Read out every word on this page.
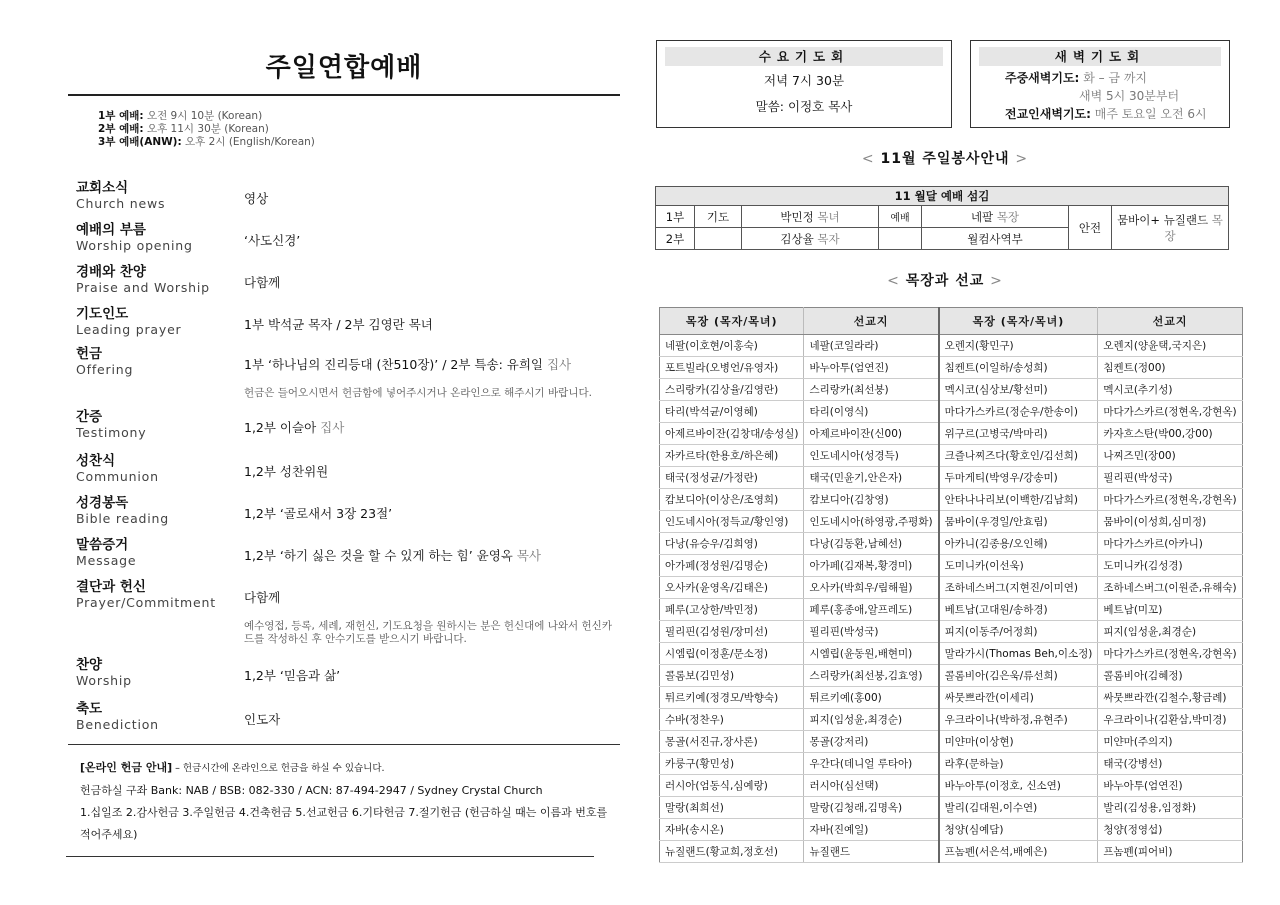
주일연합예배
1부 예배: 오전 9시 10분 (Korean)
2부 예배: 오후 11시 30분 (Korean)
3부 예배(ANW): 오후 2시 (English/Korean)
교회소식
Church news	영상
예배의 부름
Worship opening	‘사도신경’
경배와 찬양
Praise and Worship	다함께
기도인도
Leading prayer	1부 박석균 목자 / 2부 김영란 목녀
헌금
Offering	1부 ‘하나님의 진리등대 (찬510장)’ / 2부 특송: 유희일 집사
헌금은 들어오시면서 헌금함에 넣어주시거나 온라인으로 해주시기 바랍니다.
간증
Testimony	1,2부 이슬아 집사
성찬식
Communion	1,2부 성찬위원
성경봉독
Bible reading	1,2부 ‘골로새서 3장 23절’
말씀증거
Message	1,2부 ‘하기 싫은 것을 할 수 있게 하는 힘’ 윤영옥 목사
결단과 헌신
Prayer/Commitment	다함께
예수영접, 등록, 세례, 재헌신, 기도요청을 원하시는 분은 헌신대에 나와서 헌신카드를 작성하신 후 안수기도를 받으시기 바랍니다.
찬양
Worship	1,2부 ‘믿음과 삶’
축도
Benediction	인도자
[온라인 헌금 안내] – 헌금시간에 온라인으로 헌금을 하실 수 있습니다.
헌금하실 구좌 Bank: NAB / BSB: 082-330 / ACN: 87-494-2947 / Sydney Crystal Church
1.십일조 2.감사헌금 3.주일헌금 4.건축헌금 5.선교헌금 6.기타헌금 7.절기헌금 (헌금하실 때는 이름과 번호를 적어주세요)
수요기도회
저녁 7시 30분
말씀: 이정호 목사
새벽기도회
주중새벽기도: 화 – 금 까지
새벽 5시 30분부터
전교인새벽기도: 매주 토요일 오전 6시
< 11월 주일봉사안내 >
11 월달 예배 섬김						
1부	기도	박민정 목녀	예배	네팔 목장	안전	뭄바이+ 뉴질랜드 목장
2부		김상율 목자		월컴사역부		
< 목장과 선교 >
목장 (목자/목녀)	선교지	목장 (목자/목녀)	선교지
네팔(이호현/이홍숙)	네팔(코일라라)	오렌지(황민구)	오렌지(양윤택,국지은)
포트빌라(오병언/유영자)	바누아투(엄연진)	침켄트(이일하/송성희)	침켄트(정00)
스리랑카(김상율/김영란)	스리랑카(최선붕)	멕시코(심상보/황선미)	멕시코(추기성)
타리(박석균/이영혜)	타리(이영식)	마다가스카르(정순우/한송이)	마다가스카르(정현옥,강현옥)
아제르바이잔(김창대/송성실)	아제르바이잔(신00)	위구르(고병국/박마리)	카자흐스탄(박00,강00)
자카르타(한용호/하은혜)	인도네시아(성경득)	크즐나찌즈다(황호인/김선희)	나찌즈민(장00)
태국(정성균/가정란)	태국(민윤기,안은자)	두마게티(박영우/강송미)	필리핀(박성국)
캄보디아(이상은/조영희)	캄보디아(김창영)	안타나나리보(이백한/김남희)	마다가스카르(정현옥,강현옥)
인도네시아(정득교/황인영)	인도네시아(하영광,주평화)	뭄바이(우경일/안효림)	뭄바이(이성희,심미정)
다낭(유승우/김희영)	다낭(김동환,남혜선)	아카니(김종용/오인해)	마다가스카르(아카니)
아가페(정성원/김명순)	아가페(김재복,황경미)	도미니카(이선욱)	도미니카(김성경)
오사카(윤영옥/김태은)	오사카(박희우/림해월)	조하네스버그(지현진/이미연)	조하네스버그(이원준,유해숙)
페루(고상한/박민정)	페루(홍종애,알프레도)	베트남(고대원/송하경)	베트남(미꼬)
필리핀(김성원/장미선)	필리핀(박성국)	피지(이동주/어정희)	피지(임성윤,최경순)
시엠립(이정훈/문소정)	시엠립(윤동원,배현미)	말라가시(Thomas Beh,이소정)	마다가스카르(정현옥,강현옥)
콜롬보(김민성)	스리랑카(최선붕,김효영)	콜롬비아(김은욱/류선희)	콜롬비아(김혜정)
튀르키예(정경모/박향숙)	튀르키예(홍00)	싸뭇쁘라깐(이세리)	싸뭇쁘라깐(김철수,황금례)
수바(정찬우)	피지(임성윤,최경순)	우크라이나(박하정,유현주)	우크라이나(김환삼,박미경)
몽골(서진규,장사론)	몽골(강저리)	미얀마(이상현)	미얀마(주의지)
카룽구(황민성)	우간다(데니얼 루타아)	라후(문하늘)	태국(강병선)
러시아(엄동식,심예랑)	러시아(심선택)	바누아투(이정호, 신소연)	바누아투(엄연진)
말랑(최희선)	말랑(김청래,김명옥)	발리(김대원,이수연)	발리(김성용,임정화)
자바(송시온)	자바(진예일)	청양(심예담)	청양(정영섭)
뉴질랜드(황교희,정호선)	뉴질랜드	프놈펜(서은석,배예은)	프놈펜(피어비)
